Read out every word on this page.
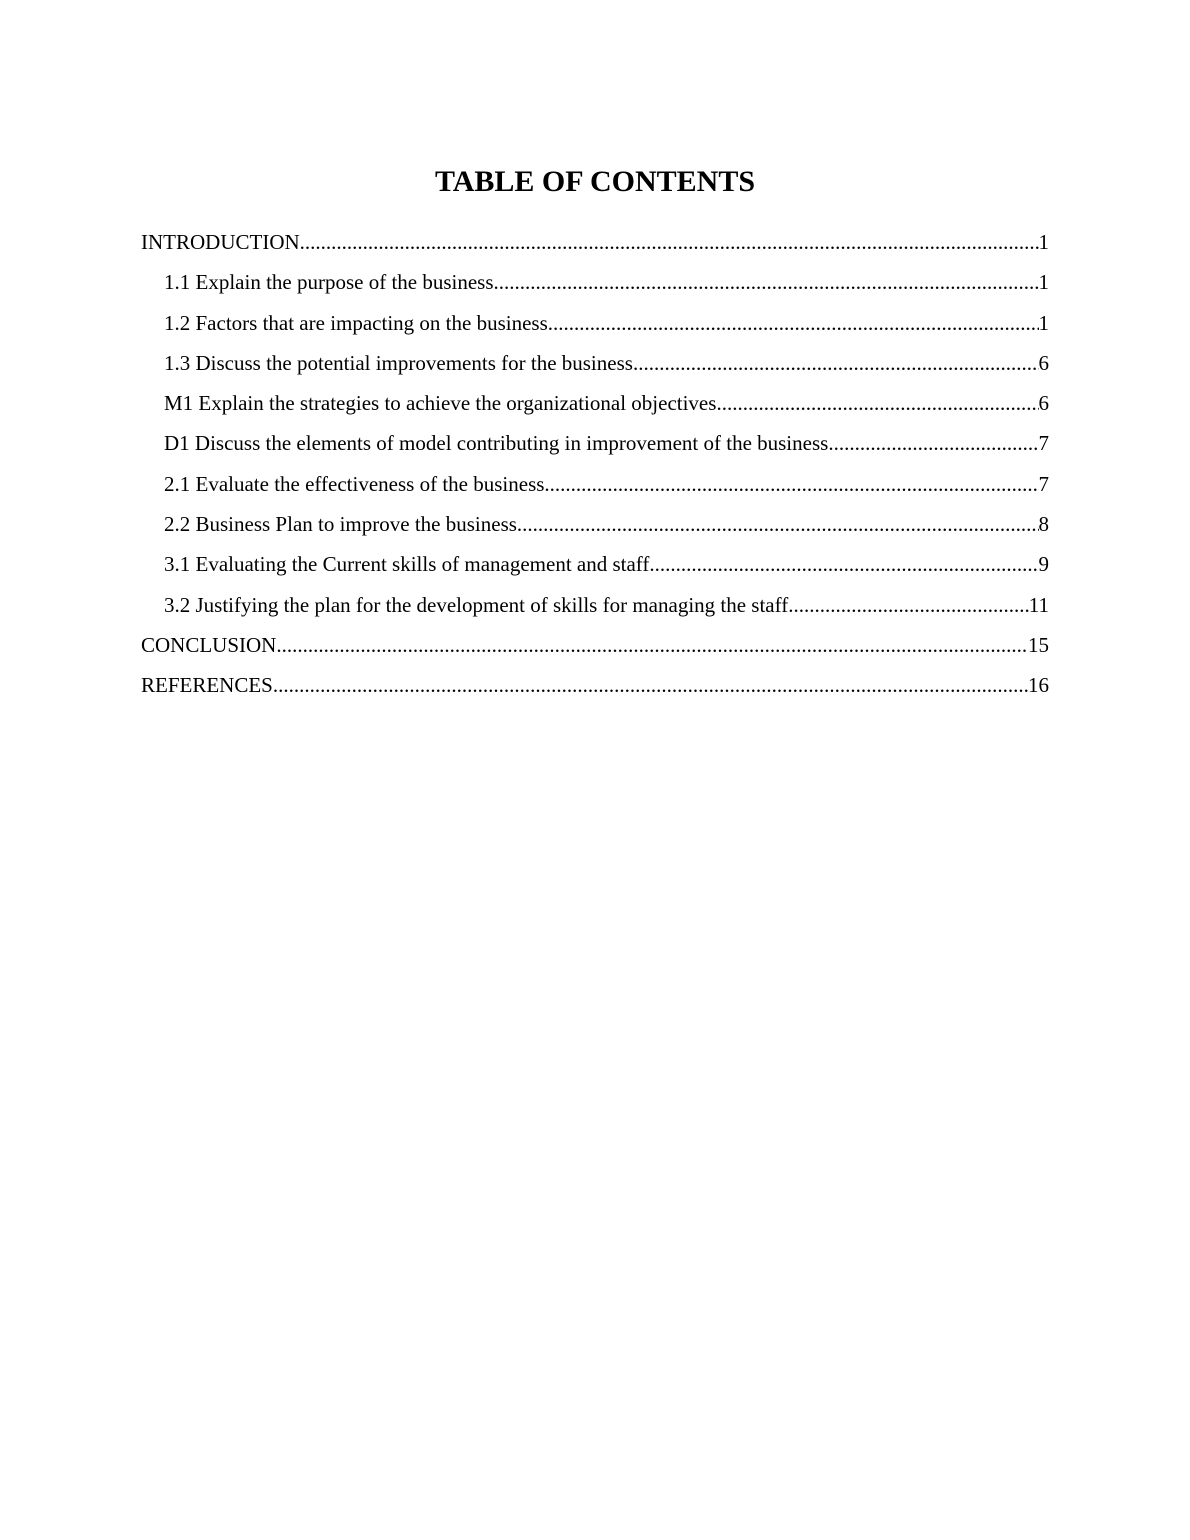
TABLE OF CONTENTS
INTRODUCTION .....	1
1.1 Explain the purpose of the business .....	1
1.2 Factors that are impacting on the business .....	1
1.3 Discuss the potential improvements for the business .....	6
M1 Explain the strategies to achieve the organizational objectives .....	6
D1 Discuss the elements of model contributing in improvement of the business .....	7
2.1 Evaluate the effectiveness of the business .....	7
2.2 Business Plan to improve the business .....	8
3.1 Evaluating the Current skills of management and staff .....	9
3.2 Justifying the plan for the development of skills for managing the staff .....	11
CONCLUSION .....	15
REFERENCES .....	16
